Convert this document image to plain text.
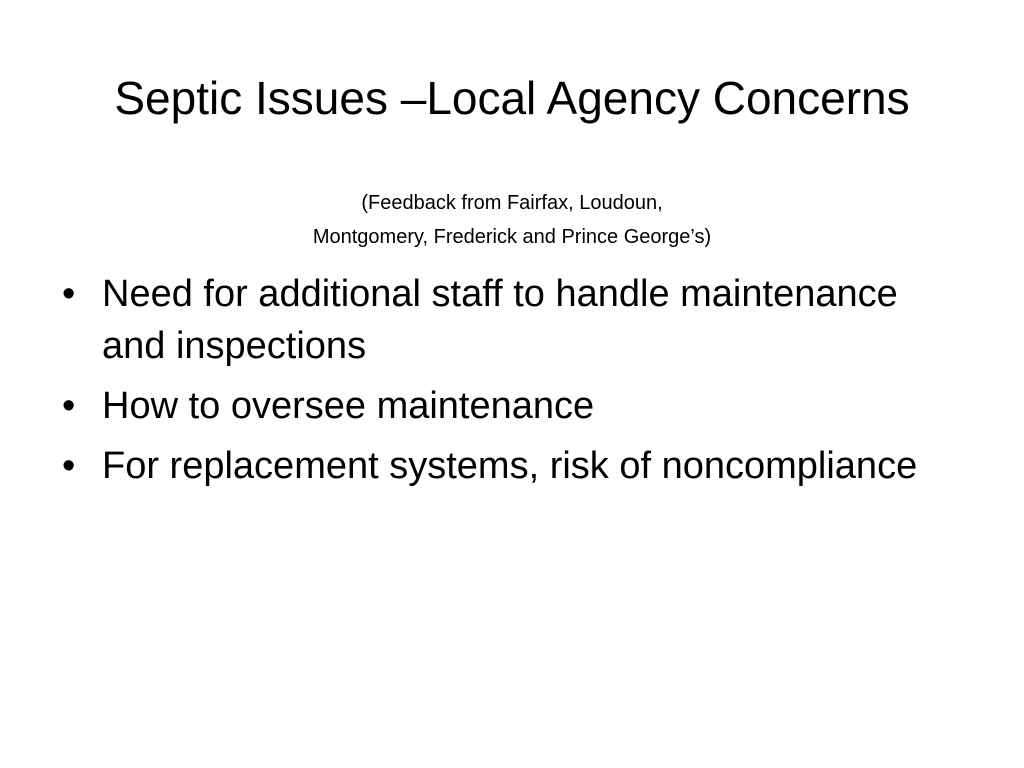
Septic Issues –Local Agency Concerns
(Feedback from Fairfax, Loudoun,
Montgomery, Frederick and Prince George’s)
• Need for additional staff to handle maintenance and inspections
• How to oversee maintenance
• For replacement systems, risk of noncompliance
